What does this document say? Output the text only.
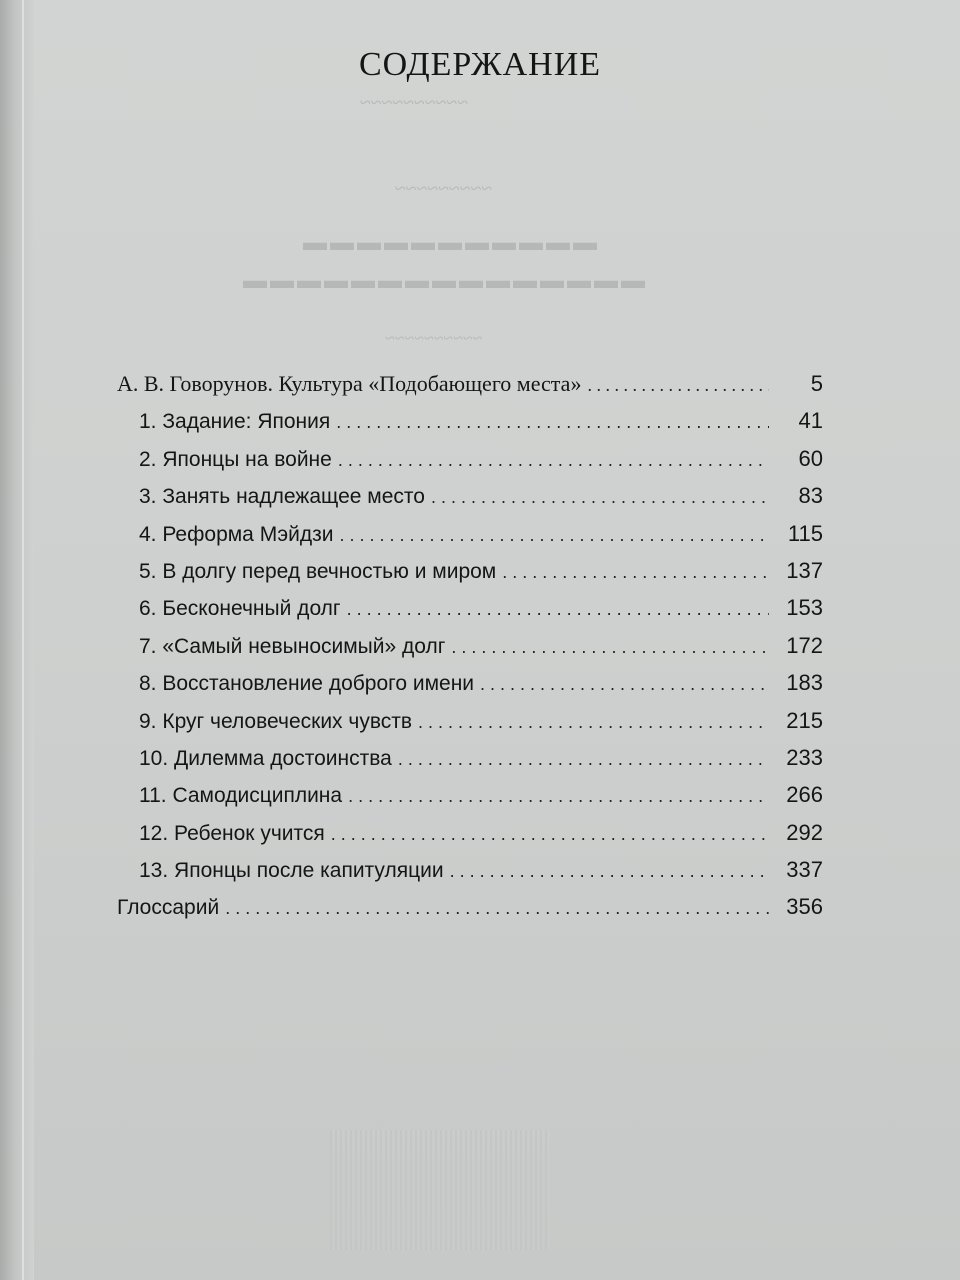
~~~~~~~~~~
~~~~~~~~~
▬▬▬▬▬▬▬▬▬▬▬
▬▬▬▬▬▬▬▬▬▬▬▬▬▬▬
~~~~~~~~~~
СОДЕРЖАНИЕ
А. В. Говорунов. Культура «Подобающего места» . . .	5
1. Задание: Япония . . .	41
2. Японцы на войне . . .	60
3. Занять надлежащее место . . .	83
4. Реформа Мэйдзи . . .	115
5. В долгу перед вечностью и миром . . .	137
6. Бесконечный долг . . .	153
7. «Самый невыносимый» долг . . .	172
8. Восстановление доброго имени . . .	183
9. Круг человеческих чувств . . .	215
10. Дилемма достоинства . . .	233
11. Самодисциплина . . .	266
12. Ребенок учится . . .	292
13. Японцы после капитуляции . . .	337
Глоссарий . . .	356
